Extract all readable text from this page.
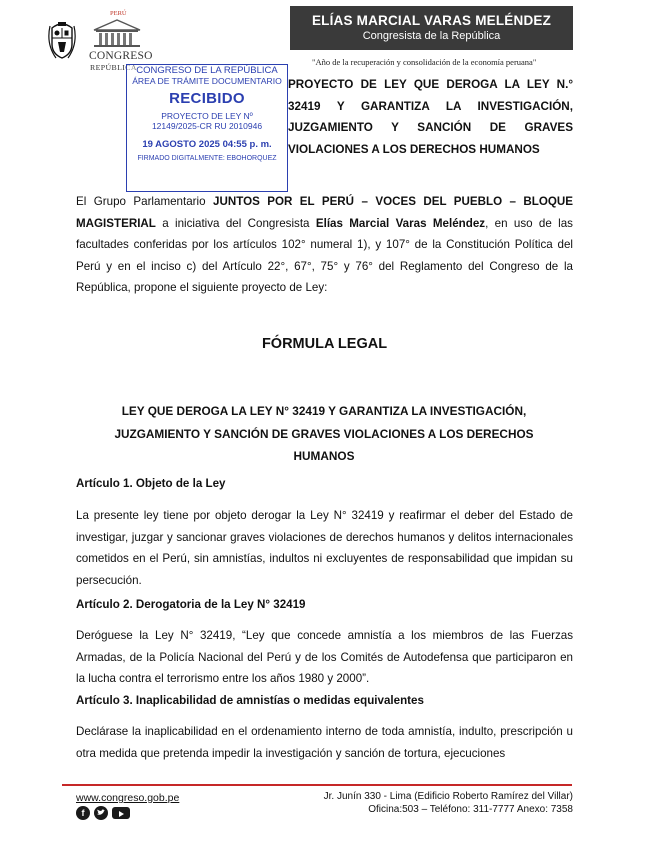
PERÚ
CONGRESO
REPÚBLICA
ELÍAS MARCIAL VARAS MELÉNDEZ
Congresista de la República
"Año de la recuperación y consolidación de la economía peruana"
CONGRESO DE LA REPÚBLICA
ÁREA DE TRÁMITE DOCUMENTARIO
RECIBIDO
PROYECTO DE LEY Nº
12149/2025-CR RU 2010946
19 AGOSTO 2025 04:55 p. m.
FIRMADO DIGITALMENTE: EBOHORQUEZ
PROYECTO DE LEY QUE DEROGA LA LEY N.° 32419 Y GARANTIZA LA INVESTIGACIÓN, JUZGAMIENTO Y SANCIÓN DE GRAVES VIOLACIONES A LOS DERECHOS HUMANOS
El Grupo Parlamentario JUNTOS POR EL PERÚ – VOCES DEL PUEBLO – BLOQUE MAGISTERIAL a iniciativa del Congresista Elías Marcial Varas Meléndez, en uso de las facultades conferidas por los artículos 102° numeral 1), y 107° de la Constitución Política del Perú y en el inciso c) del Artículo 22°, 67°, 75° y 76° del Reglamento del Congreso de la República, propone el siguiente proyecto de Ley:
FÓRMULA LEGAL
LEY QUE DEROGA LA LEY N° 32419 Y GARANTIZA LA INVESTIGACIÓN, JUZGAMIENTO Y SANCIÓN DE GRAVES VIOLACIONES A LOS DERECHOS HUMANOS
Artículo 1. Objeto de la Ley
La presente ley tiene por objeto derogar la Ley N° 32419 y reafirmar el deber del Estado de investigar, juzgar y sancionar graves violaciones de derechos humanos y delitos internacionales cometidos en el Perú, sin amnistías, indultos ni excluyentes de responsabilidad que impidan su persecución.
Artículo 2. Derogatoria de la Ley N° 32419
Deróguese la Ley N° 32419, “Ley que concede amnistía a los miembros de las Fuerzas Armadas, de la Policía Nacional del Perú y de los Comités de Autodefensa que participaron en la lucha contra el terrorismo entre los años 1980 y 2000”.
Artículo 3. Inaplicabilidad de amnistías o medidas equivalentes
Declárase la inaplicabilidad en el ordenamiento interno de toda amnistía, indulto, prescripción u otra medida que pretenda impedir la investigación y sanción de tortura, ejecuciones
www.congreso.gob.pe	Jr. Junín 330 - Lima (Edificio Roberto Ramírez del Villar)
Oficina:503 – Teléfono: 311-7777 Anexo: 7358
f
